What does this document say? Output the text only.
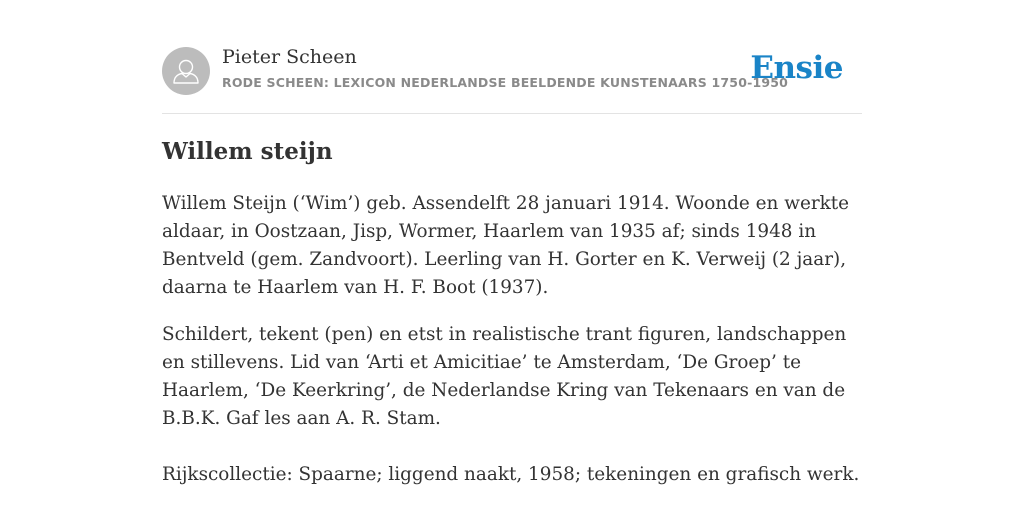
Pieter Scheen
RODE SCHEEN: LEXICON NEDERLANDSE BEELDENDE KUNSTENAARS 1750-1950
Ensie
Willem steijn

Willem Steijn (‘Wim’) geb. Assendelft 28 januari 1914. Woonde en werkte aldaar, in Oostzaan, Jisp, Wormer, Haarlem van 1935 af; sinds 1948 in Bentveld (gem. Zandvoort). Leerling van H. Gorter en K. Verweij (2 jaar), daarna te Haarlem van H. F. Boot (1937).

Schildert, tekent (pen) en etst in realistische trant figuren, landschappen en stillevens. Lid van ‘Arti et Amicitiae’ te Amsterdam, ‘De Groep’ te Haarlem, ‘De Keerkring’, de Nederlandse Kring van Tekenaars en van de B.B.K. Gaf les aan A. R. Stam.

Rijkscollectie: Spaarne; liggend naakt, 1958; tekeningen en grafisch werk.
